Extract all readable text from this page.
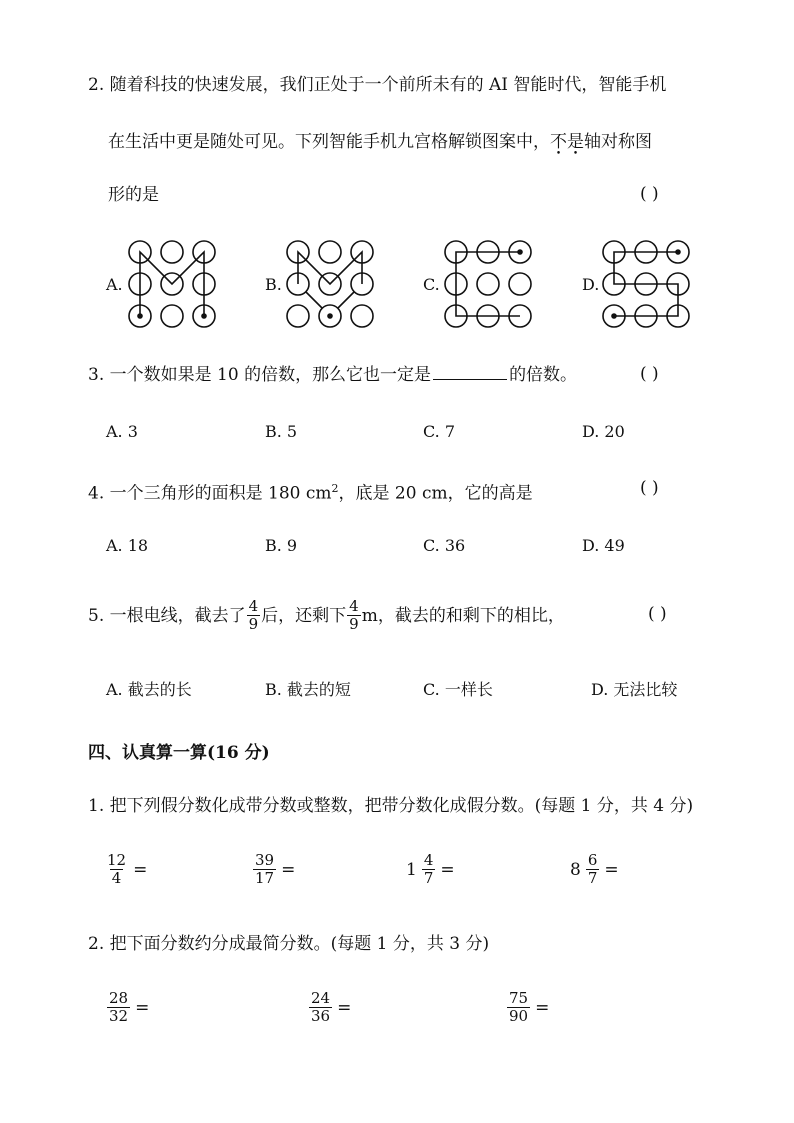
2. 随着科技的快速发展，我们正处于一个前所未有的 AI 智能时代，智能手机
在生活中更是随处可见。下列智能手机九宫格解锁图案中，不是轴对称图
形的是	( )
A.	B.	C.	D.
3. 一个数如果是 10 的倍数，那么它也一定是	的倍数。	( )
A. 3	B. 5	C. 7	D. 20
4. 一个三角形的面积是 180 $cm^2$，底是 20 cm，它的高是	( )
A. 18	B. 9	C. 36	D. 49
5. 一根电线，截去了 $\frac{4}{9}$ 后，还剩下 $\frac{4}{9}$ m，截去的和剩下的相比，	( )
A. 截去的长	B. 截去的短	C. 一样长	D. 无法比较
四、认真算一算(16 分)
1. 把下列假分数化成带分数或整数，把带分数化成假分数。(每题 1 分，共 4 分)
$\frac{12}{4}$ =	$\frac{39}{17}$ =	$1 \frac{4}{7}$ =	$8 \frac{6}{7}$ =
2. 把下面分数约分成最简分数。(每题 1 分，共 3 分)
$\frac{28}{32}$ =	$\frac{24}{36}$ =	$\frac{75}{90}$ =
